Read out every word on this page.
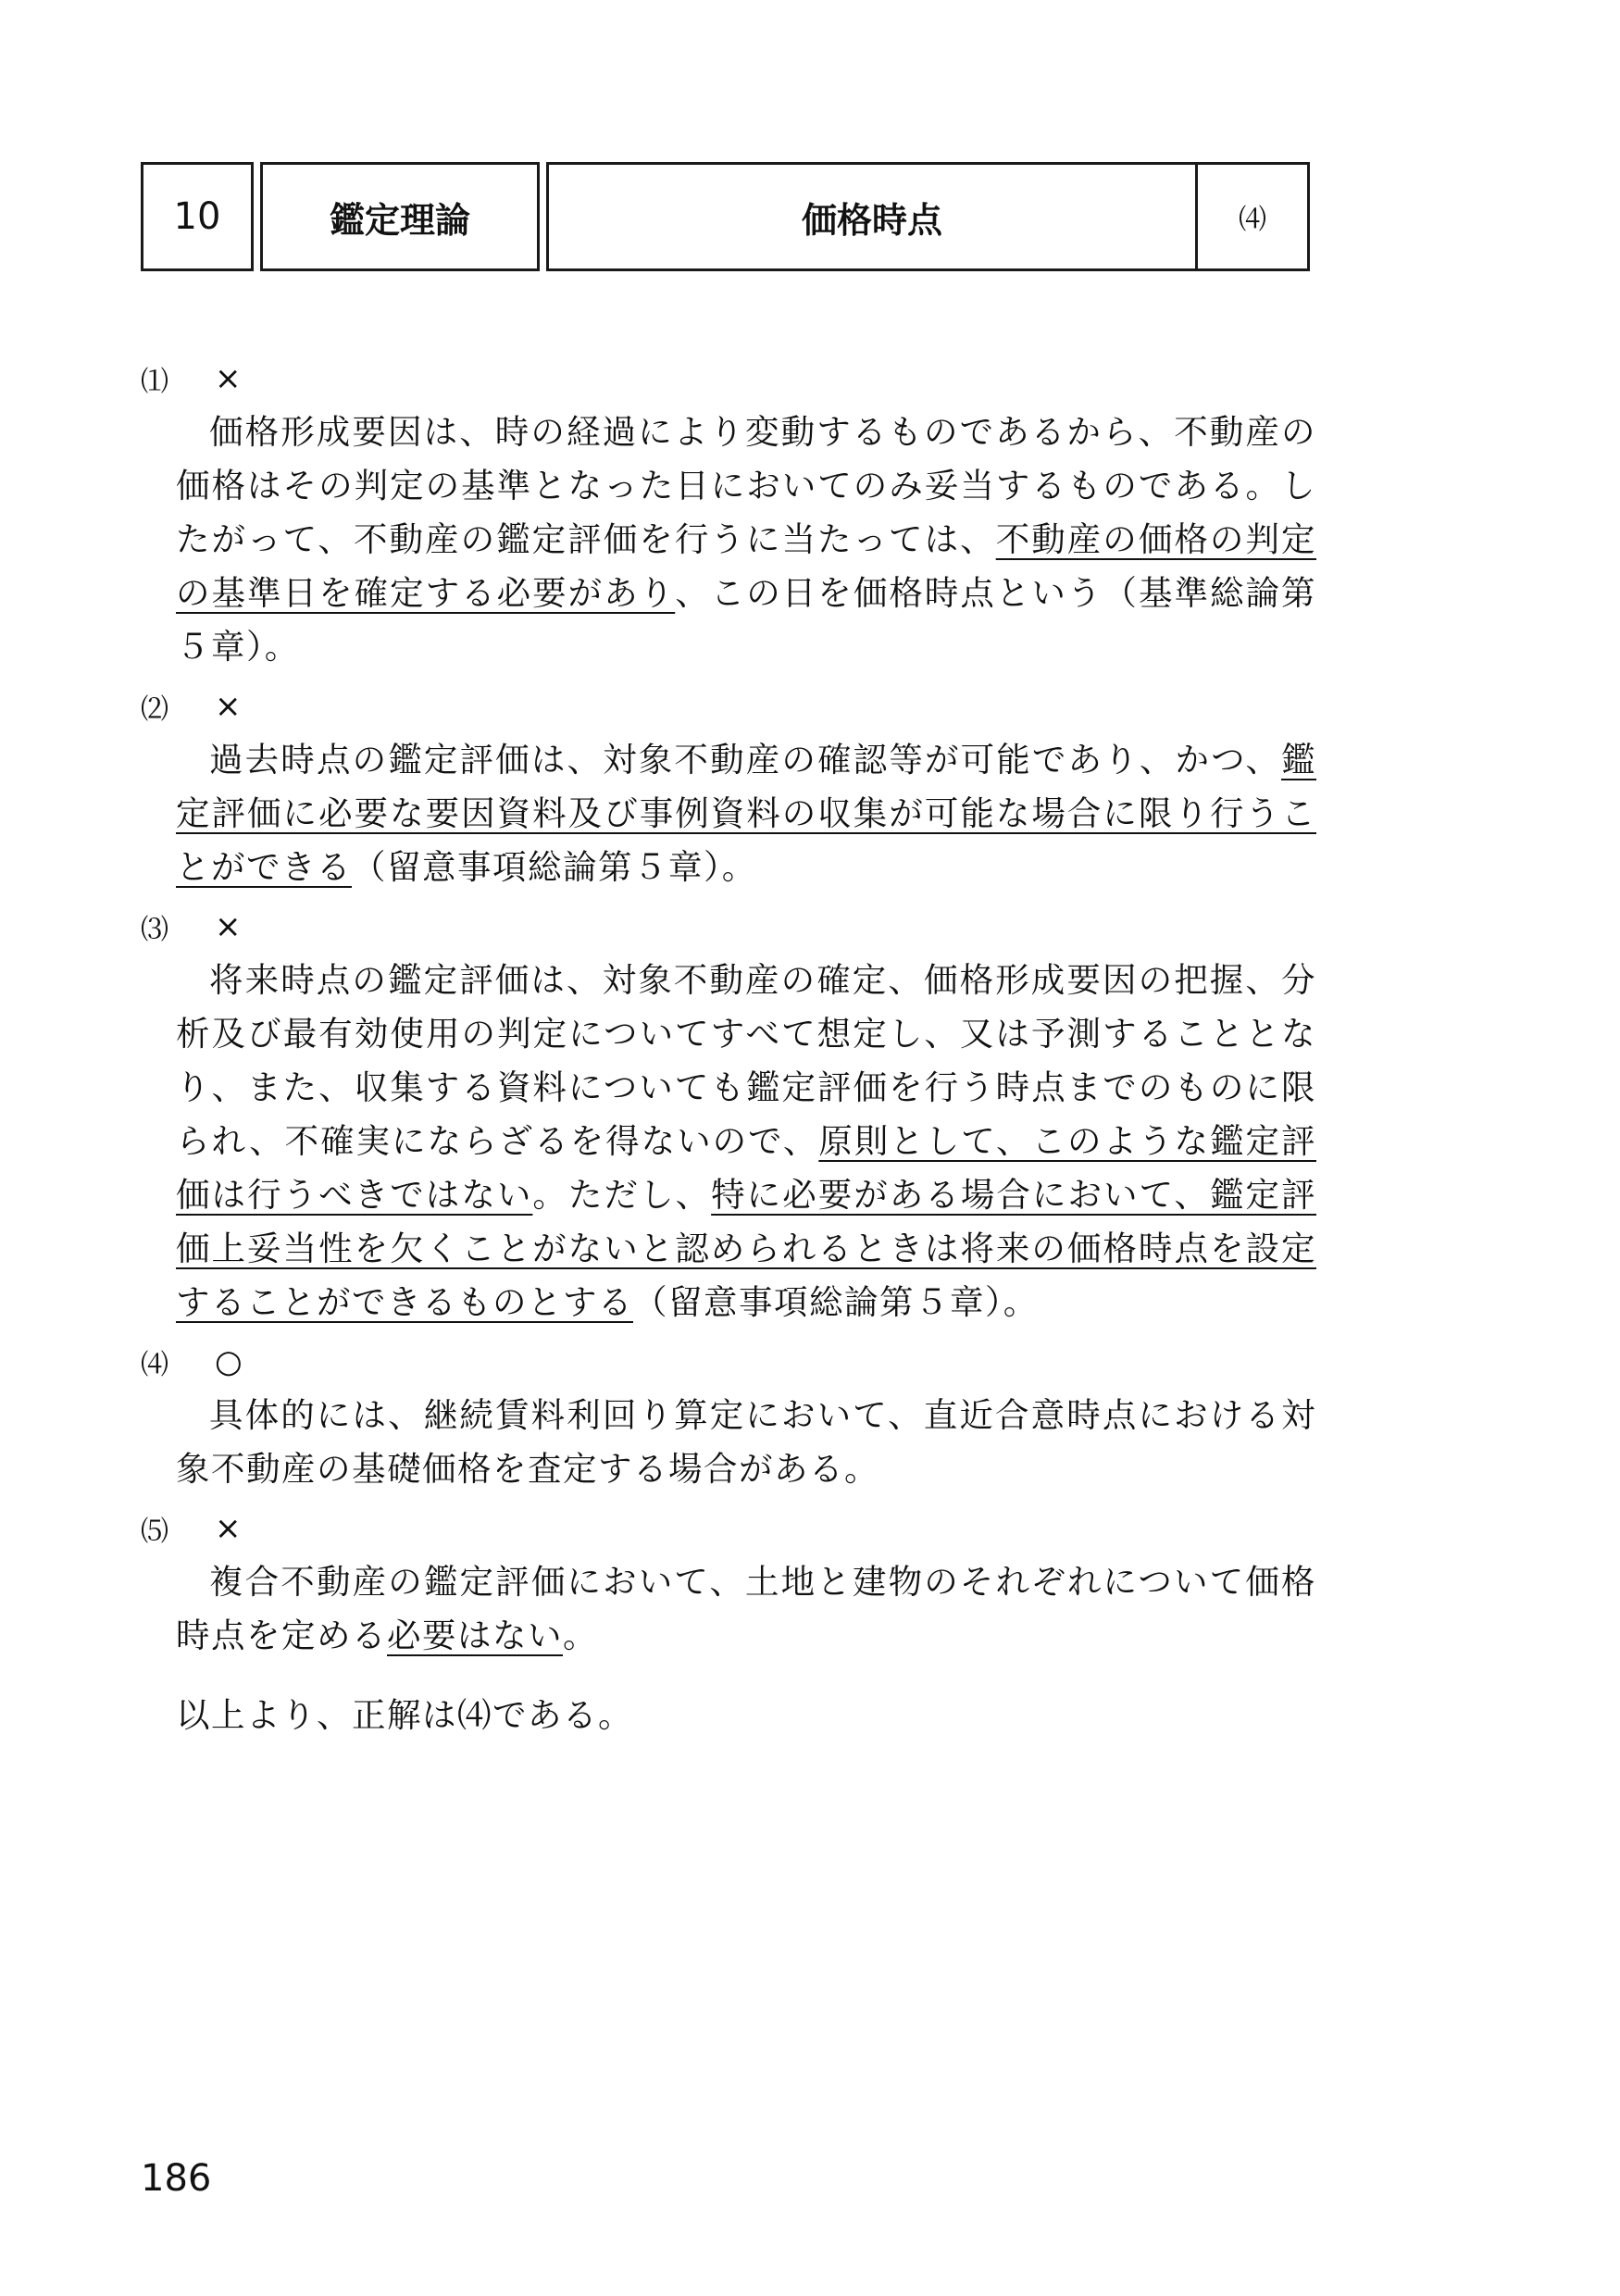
10	鑑定理論	価格時点	⑷
⑴	×
価格形成要因は、時の経過により変動するものであるから、不動産の価格はその判定の基準となった日においてのみ妥当するものである。したがって、不動産の鑑定評価を行うに当たっては、不動産の価格の判定の基準日を確定する必要があり、この日を価格時点という（基準総論第５章）。
⑵	×
過去時点の鑑定評価は、対象不動産の確認等が可能であり、かつ、鑑定評価に必要な要因資料及び事例資料の収集が可能な場合に限り行うことができる（留意事項総論第５章）。
⑶	×
将来時点の鑑定評価は、対象不動産の確定、価格形成要因の把握、分析及び最有効使用の判定についてすべて想定し、又は予測することとなり、また、収集する資料についても鑑定評価を行う時点までのものに限られ、不確実にならざるを得ないので、原則として、このような鑑定評価は行うべきではない。ただし、特に必要がある場合において、鑑定評価上妥当性を欠くことがないと認められるときは将来の価格時点を設定することができるものとする（留意事項総論第５章）。
⑷	○
具体的には、継続賃料利回り算定において、直近合意時点における対象不動産の基礎価格を査定する場合がある。
⑸	×
複合不動産の鑑定評価において、土地と建物のそれぞれについて価格時点を定める必要はない。
以上より、正解は⑷である。
186
